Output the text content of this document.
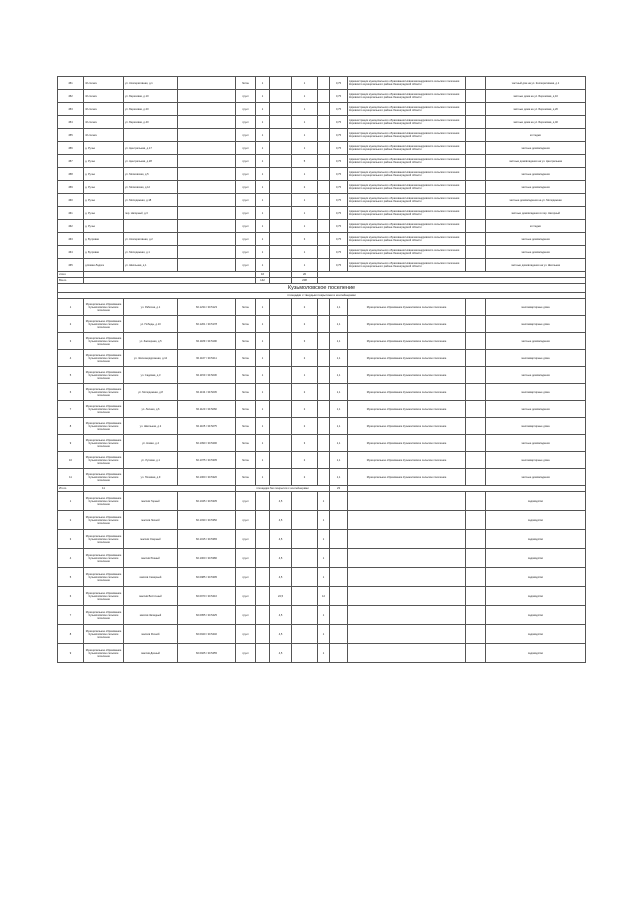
451	пб.солнеч	ул. Кооперативная, д.1		бетон	1		1		0,75	Администрация муниципального образования Новоалександровского сельского поселения Кировского муниципального района Ленинградской области		частный дом на ул. Кооперативная, д.1
452	пб.солнеч	ул. Березовая, д.10		грунт	1		1		0,75	Администрация муниципального образования Новоалександровского сельского поселения Кировского муниципального района Ленинградской области		частные дома на ул. Березовая, д.10
453	пб.солнеч	ул. Березовая, д.20		грунт	1		1		0,75	Администрация муниципального образования Новоалександровского сельского поселения Кировского муниципального района Ленинградской области		частные дома на ул. Березовая, д.20
454	пб.солнеч	ул. Березовая, д.40		грунт	1		1		0,75	Администрация муниципального образования Новоалександровского сельского поселения Кировского муниципального района Ленинградской области		частные дома на ул. Березовая, д.40
455	пб.солнеч			грунт	1		1		0,75	Администрация муниципального образования Новоалександровского сельского поселения Кировского муниципального района Ленинградской области		коттеджи
456	д. Ручьи	ул. Центральная, д.17		грунт	1		1		0,75	Администрация муниципального образования Новоалександровского сельского поселения Кировского муниципального района Ленинградской области		частные домовладения
457	д. Ручьи	ул. Центральная, д.28		грунт	1		5		0,75	Администрация муниципального образования Новоалександровского сельского поселения Кировского муниципального района Ленинградской области		частные домовладения на ул. Центральная
458	д. Ручьи	ул. Московская, д.5		грунт	1		1		0,75	Администрация муниципального образования Новоалександровского сельского поселения Кировского муниципального района Ленинградской области		частные домовладения
459	д. Ручьи	ул. Московская, д.12		грунт	1		2		0,75	Администрация муниципального образования Новоалександровского сельского поселения Кировского муниципального района Ленинградской области		частные домовладения
460	д. Ручьи	ул. Молодежная, д.18		грунт	1		1		0,75	Администрация муниципального образования Новоалександровского сельского поселения Кировского муниципального района Ленинградской области		частные домовладения на ул. Молодежная
461	д. Ручьи	пер. Нагорный, д.3		грунт	1		1		0,75	Администрация муниципального образования Новоалександровского сельского поселения Кировского муниципального района Ленинградской области		частные домовладения в пер. Нагорный
462	д. Ручьи			грунт	1		1		0,75	Администрация муниципального образования Новоалександровского сельского поселения Кировского муниципального района Ленинградской области		коттеджи
463	д. Бугровая	ул. Кооперативная, д.2		грунт	1		3		0,75	Администрация муниципального образования Новоалександровского сельского поселения Кировского муниципального района Ленинградской области		частные домовладения
464	д. Бугровая	ул. Молодежная, д.1		грунт	1		1		0,75	Администрация муниципального образования Новоалександровского сельского поселения Кировского муниципального района Ленинградской области		частные домовладения
465	д.Новая Ладога	ул. Школьная, д.1		грунт	1		1		0,75	Администрация муниципального образования Новоалександровского сельского поселения Кировского муниципального района Ленинградской области		частные домовладения на ул. Школьная
итого					16		20					
Всего					142		208					
Кузьмоловское поселение												
площадки с твердым покрытием и контейнерами												
1	Муниципальное образование Кузьмоловское сельское поселение	ул. Рабочая, д.1	60.1234 / 30.5123	бетон	1		2		1,1	Муниципальное образование Кузьмоловское сельское поселение		многоквартирные дома
2	Муниципальное образование Кузьмоловское сельское поселение	ул. Победы, д.10	60.1201 / 30.5178	бетон	1		2		1,1	Муниципальное образование Кузьмоловское сельское поселение		многоквартирные дома
3	Муниципальное образование Кузьмоловское сельское поселение	ул. Заозерная, д.5	60.1189 / 30.5190	бетон	1		3		1,1	Муниципальное образование Кузьмоловское сельское поселение		частные домовладения
4	Муниципальное образование Кузьмоловское сельское поселение	ул. Железнодорожная, д.12	60.1167 / 30.5211	бетон	1		2		1,1	Муниципальное образование Кузьмоловское сельское поселение		многоквартирные дома
5	Муниципальное образование Кузьмоловское сельское поселение	ул. Садовая, д.3	60.1150 / 30.5230	бетон	1		1		1,1	Муниципальное образование Кузьмоловское сельское поселение		частные домовладения
6	Муниципальное образование Кузьмоловское сельское поселение	ул. Молодежная, д.8	60.1134 / 30.5245	бетон	1		2		1,1	Муниципальное образование Кузьмоловское сельское поселение		многоквартирные дома
7	Муниципальное образование Кузьмоловское сельское поселение	ул. Лесная, д.6	60.1120 / 30.5260	бетон	1		2		1,1	Муниципальное образование Кузьмоловское сельское поселение		частные домовладения
8	Муниципальное образование Кузьмоловское сельское поселение	ул. Школьная, д.2	60.1105 / 30.5275	бетон	1		2		1,1	Муниципальное образование Кузьмоловское сельское поселение		многоквартирные дома
9	Муниципальное образование Кузьмоловское сельское поселение	ул. Новая, д.4	60.1090 / 30.5290	бетон	1		3		1,1	Муниципальное образование Кузьмоловское сельское поселение		частные домовладения
10	Муниципальное образование Кузьмоловское сельское поселение	ул. Луговая, д.1	60.1075 / 30.5305	бетон	1		2		1,1	Муниципальное образование Кузьмоловское сельское поселение		многоквартирные дома
11	Муниципальное образование Кузьмоловское сельское поселение	ул. Полевая, д.9	60.1060 / 30.5320	бетон	1		2		1,1	Муниципальное образование Кузьмоловское сельское поселение		частные домовладения
Итого	11			площадки без покрытия с контейнерами					23			
1	Муниципальное образование Кузьмоловское сельское поселение	массив Горный	60.1045 / 30.5335	грунт		4,5		1				садоводство
2	Муниципальное образование Кузьмоловское сельское поселение	массив Лесной	60.1030 / 30.5350	грунт		4,5		1				садоводство
3	Муниципальное образование Кузьмоловское сельское поселение	массив Озерный	60.1015 / 30.5365	грунт		4,5		1				садоводство
4	Муниципальное образование Кузьмоловское сельское поселение	массив Южный	60.1000 / 30.5380	грунт		4,5		1				садоводство
5	Муниципальное образование Кузьмоловское сельское поселение	массив Северный	60.0985 / 30.5395	грунт		4,5		1				садоводство
6	Муниципальное образование Кузьмоловское сельское поселение	массив Восточный	60.0970 / 30.5410	грунт		24,5		12				садоводство
7	Муниципальное образование Кузьмоловское сельское поселение	массив Западный	60.0955 / 30.5425	грунт		4,5		1				садоводство
8	Муниципальное образование Кузьмоловское сельское поселение	массив Речной	60.0940 / 30.5440	грунт		4,5		1				садоводство
9	Муниципальное образование Кузьмоловское сельское поселение	массив Дачный	60.0925 / 30.5455	грунт		4,5		1				садоводство
